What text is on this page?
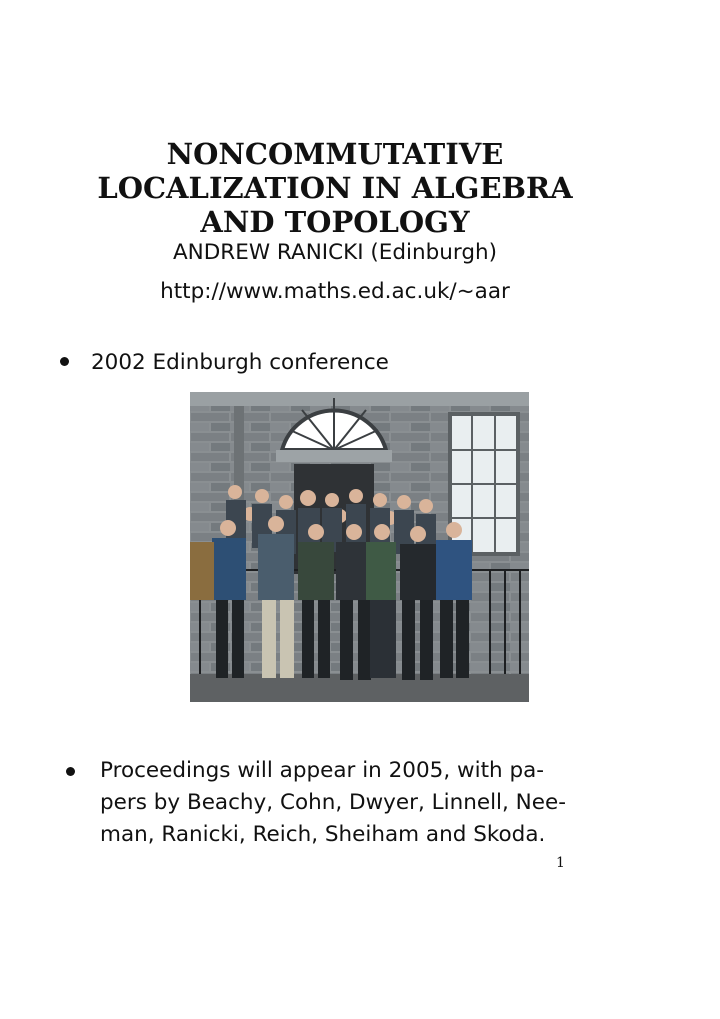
NONCOMMUTATIVE
LOCALIZATION IN ALGEBRA
AND TOPOLOGY
ANDREW RANICKI (Edinburgh)
http://www.maths.ed.ac.uk/~aar
2002 Edinburgh conference
Proceedings will appear in 2005, with pa-
pers by Beachy, Cohn, Dwyer, Linnell, Nee-
man, Ranicki, Reich, Sheiham and Skoda.
1
